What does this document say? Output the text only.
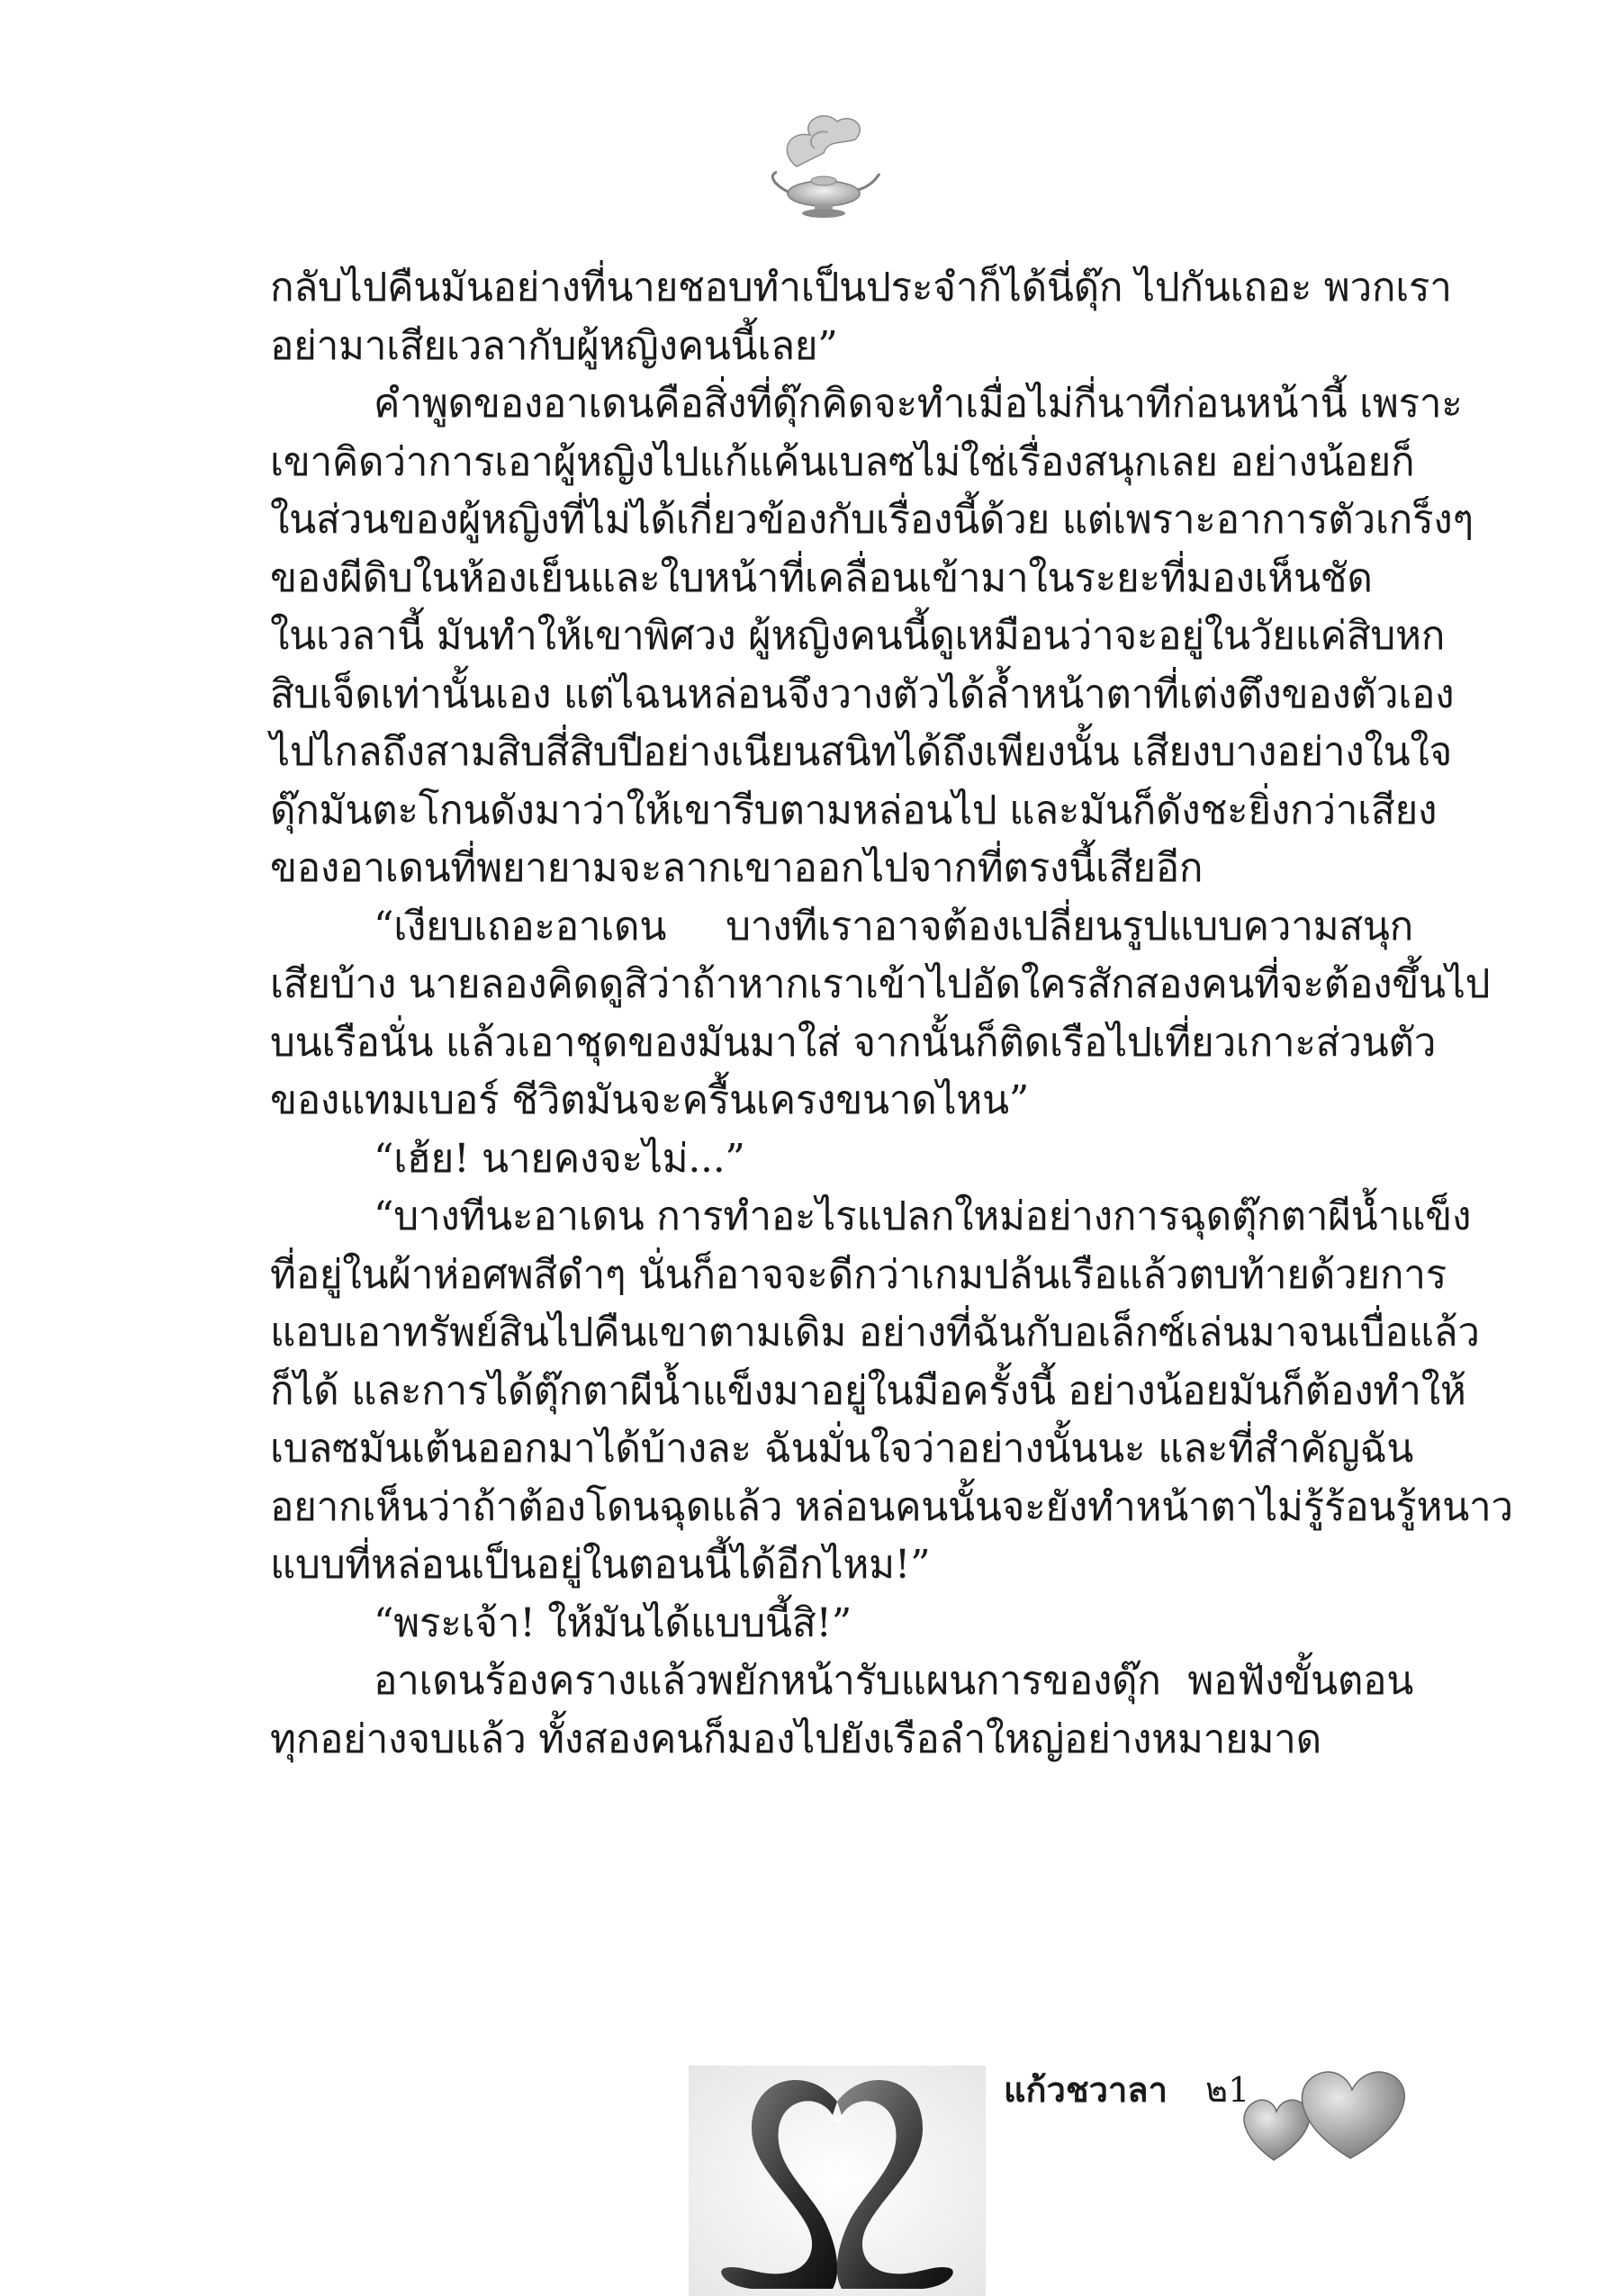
กลับไปคืนมันอย่างที่นายชอบทำเป็นประจำก็ได้นี่ดุ๊ก ไปกันเถอะ พวกเรา
อย่ามาเสียเวลากับผู้หญิงคนนี้เลย”
คำพูดของอาเดนคือสิ่งที่ดุ๊กคิดจะทำเมื่อไม่กี่นาทีก่อนหน้านี้ เพราะ
เขาคิดว่าการเอาผู้หญิงไปแก้แค้นเบลซไม่ใช่เรื่องสนุกเลย อย่างน้อยก็
ในส่วนของผู้หญิงที่ไม่ได้เกี่ยวข้องกับเรื่องนี้ด้วย แต่เพราะอาการตัวเกร็งๆ
ของผีดิบในห้องเย็นและใบหน้าที่เคลื่อนเข้ามาในระยะที่มองเห็นชัด
ในเวลานี้ มันทำให้เขาพิศวง ผู้หญิงคนนี้ดูเหมือนว่าจะอยู่ในวัยแค่สิบหก
สิบเจ็ดเท่านั้นเอง แต่ไฉนหล่อนจึงวางตัวได้ล้ำหน้าตาที่เต่งตึงของตัวเอง
ไปไกลถึงสามสิบสี่สิบปีอย่างเนียนสนิทได้ถึงเพียงนั้น เสียงบางอย่างในใจ
ดุ๊กมันตะโกนดังมาว่าให้เขารีบตามหล่อนไป และมันก็ดังชะยิ่งกว่าเสียง
ของอาเดนที่พยายามจะลากเขาออกไปจากที่ตรงนี้เสียอีก
“เงียบเถอะอาเดน บางทีเราอาจต้องเปลี่ยนรูปแบบความสนุก
เสียบ้าง นายลองคิดดูสิว่าถ้าหากเราเข้าไปอัดใครสักสองคนที่จะต้องขึ้นไป
บนเรือนั่น แล้วเอาชุดของมันมาใส่ จากนั้นก็ติดเรือไปเที่ยวเกาะส่วนตัว
ของแทมเบอร์ ชีวิตมันจะครื้นเครงขนาดไหน”
“เฮ้ย! นายคงจะไม่...”
“บางทีนะอาเดน การทำอะไรแปลกใหม่อย่างการฉุดตุ๊กตาผีน้ำแข็ง
ที่อยู่ในผ้าห่อศพสีดำๆ นั่นก็อาจจะดีกว่าเกมปล้นเรือแล้วตบท้ายด้วยการ
แอบเอาทรัพย์สินไปคืนเขาตามเดิม อย่างที่ฉันกับอเล็กซ์เล่นมาจนเบื่อแล้ว
ก็ได้ และการได้ตุ๊กตาผีน้ำแข็งมาอยู่ในมือครั้งนี้ อย่างน้อยมันก็ต้องทำให้
เบลซมันเต้นออกมาได้บ้างละ ฉันมั่นใจว่าอย่างนั้นนะ และที่สำคัญฉัน
อยากเห็นว่าถ้าต้องโดนฉุดแล้ว หล่อนคนนั้นจะยังทำหน้าตาไม่รู้ร้อนรู้หนาว
แบบที่หล่อนเป็นอยู่ในตอนนี้ได้อีกไหม!”
“พระเจ้า! ให้มันได้แบบนี้สิ!”
อาเดนร้องครางแล้วพยักหน้ารับแผนการของดุ๊ก พอฟังขั้นตอน
ทุกอย่างจบแล้ว ทั้งสองคนก็มองไปยังเรือลำใหญ่อย่างหมายมาด
แก้วชวาลา ๒1
